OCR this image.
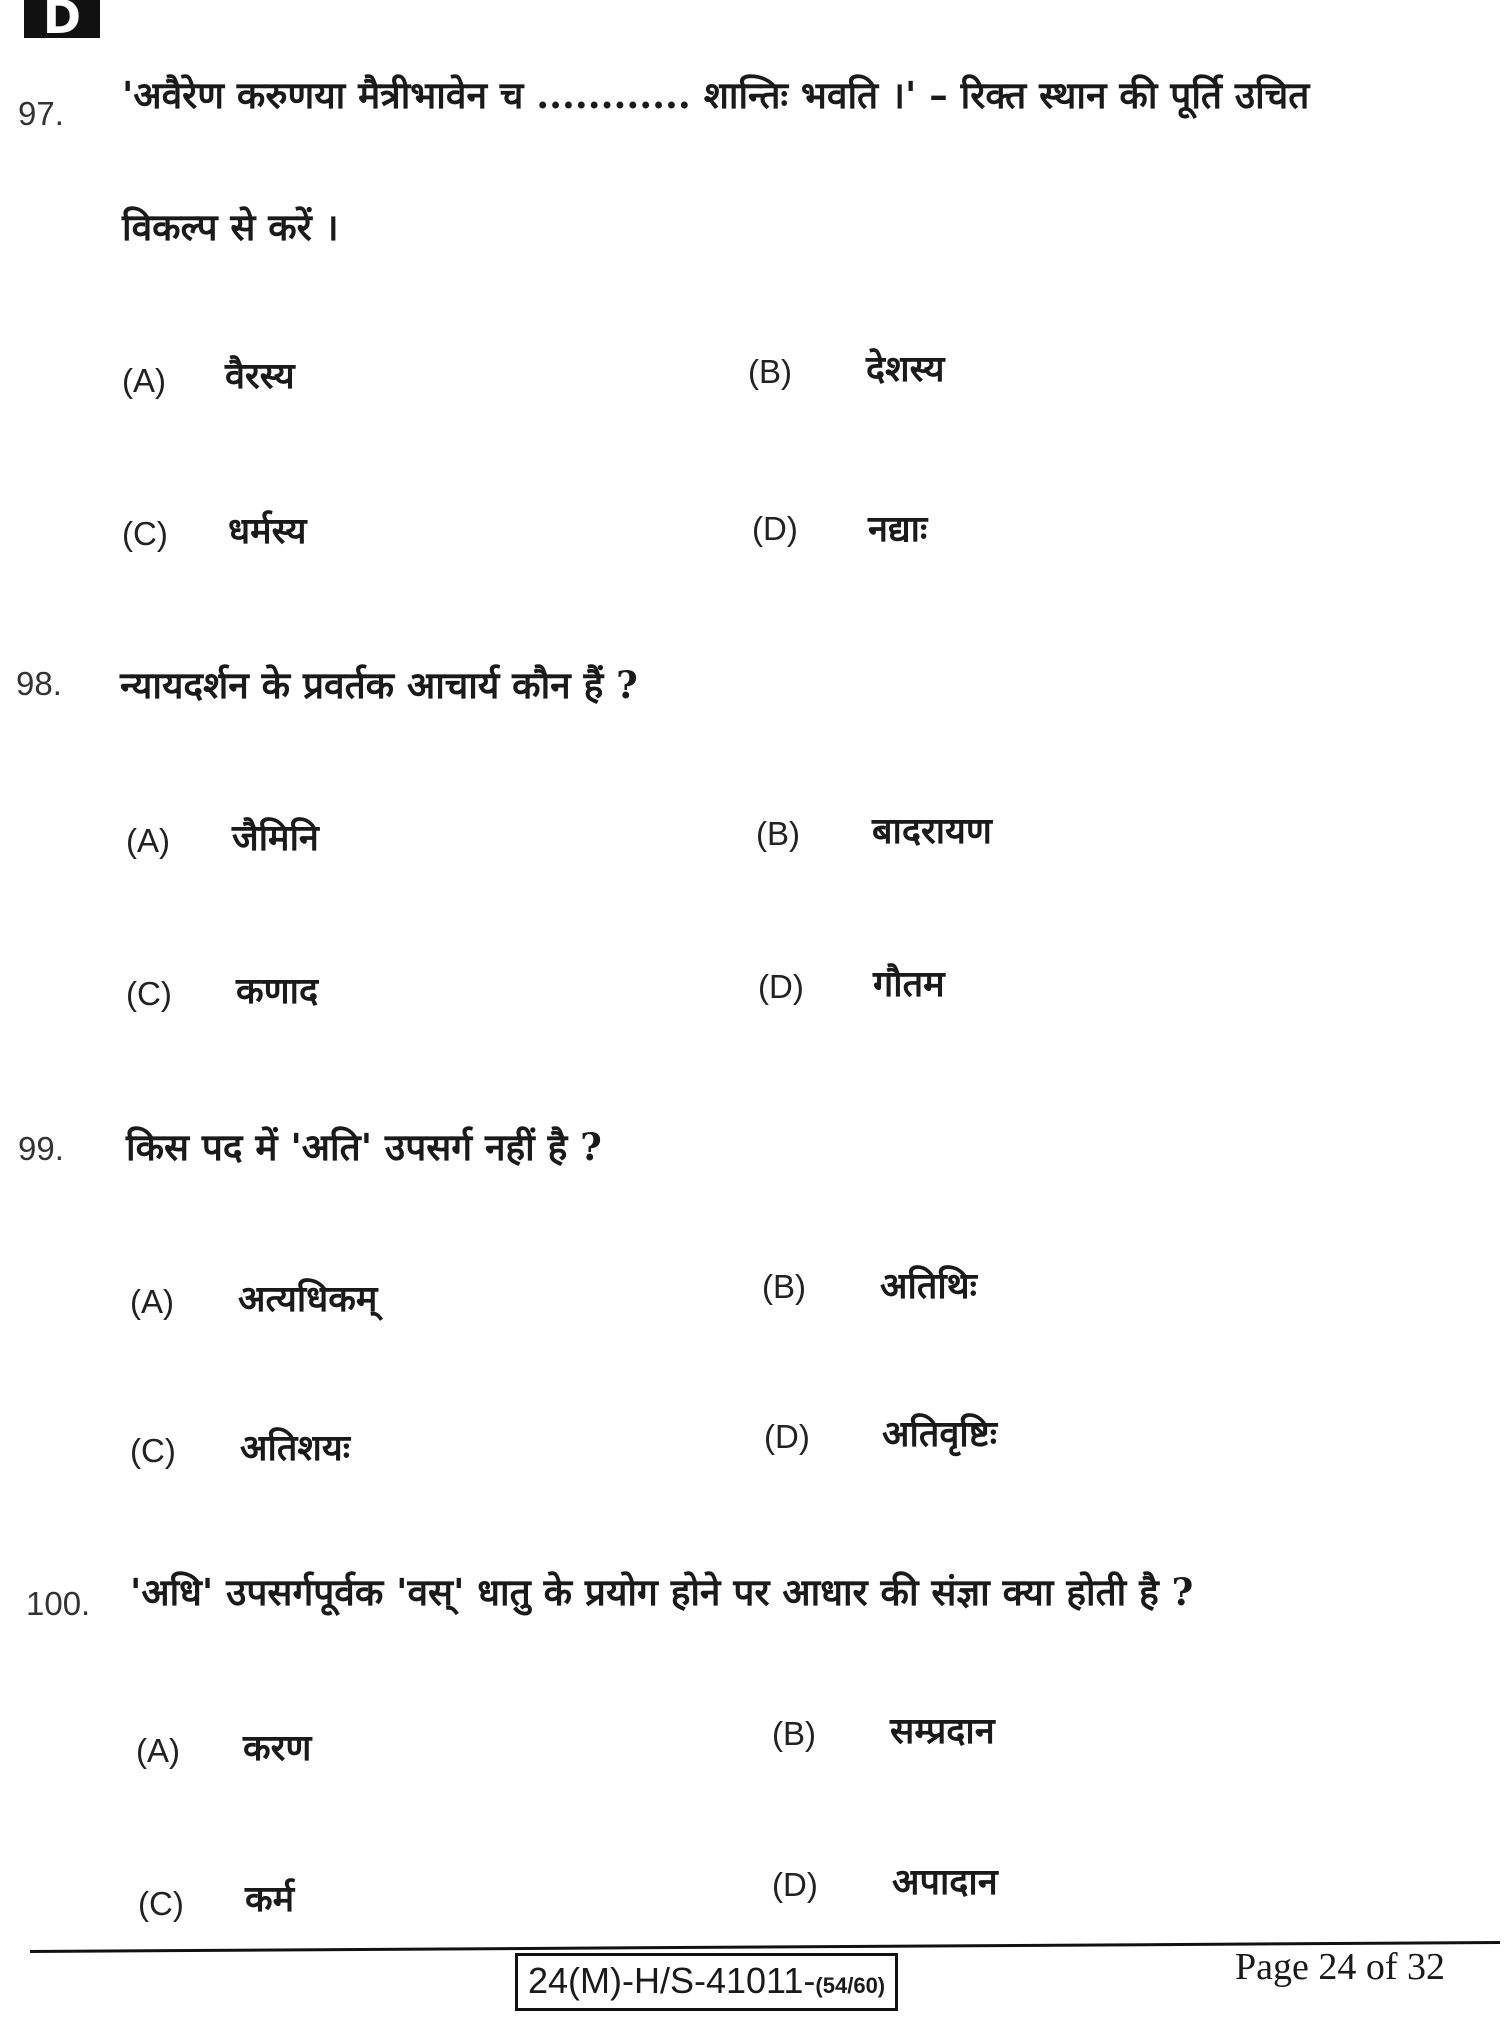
D
97. 'अवैरेण करुणया मैत्रीभावेन च ............ शान्तिः भवति ।' – रिक्त स्थान की पूर्ति उचित
विकल्प से करें ।
(A) वैरस्य	(B) देशस्य
(C) धर्मस्य	(D) नद्याः
98. न्यायदर्शन के प्रवर्तक आचार्य कौन हैं ?
(A) जैमिनि	(B) बादरायण
(C) कणाद	(D) गौतम
99. किस पद में 'अति' उपसर्ग नहीं है ?
(A) अत्यधिकम्	(B) अतिथिः
(C) अतिशयः	(D) अतिवृष्टिः
100. 'अधि' उपसर्गपूर्वक 'वस्' धातु के प्रयोग होने पर आधार की संज्ञा क्या होती है ?
(A) करण	(B) सम्प्रदान
(C) कर्म	(D) अपादान
24(M)-H/S-41011-(54/60)	Page 24 of 32
